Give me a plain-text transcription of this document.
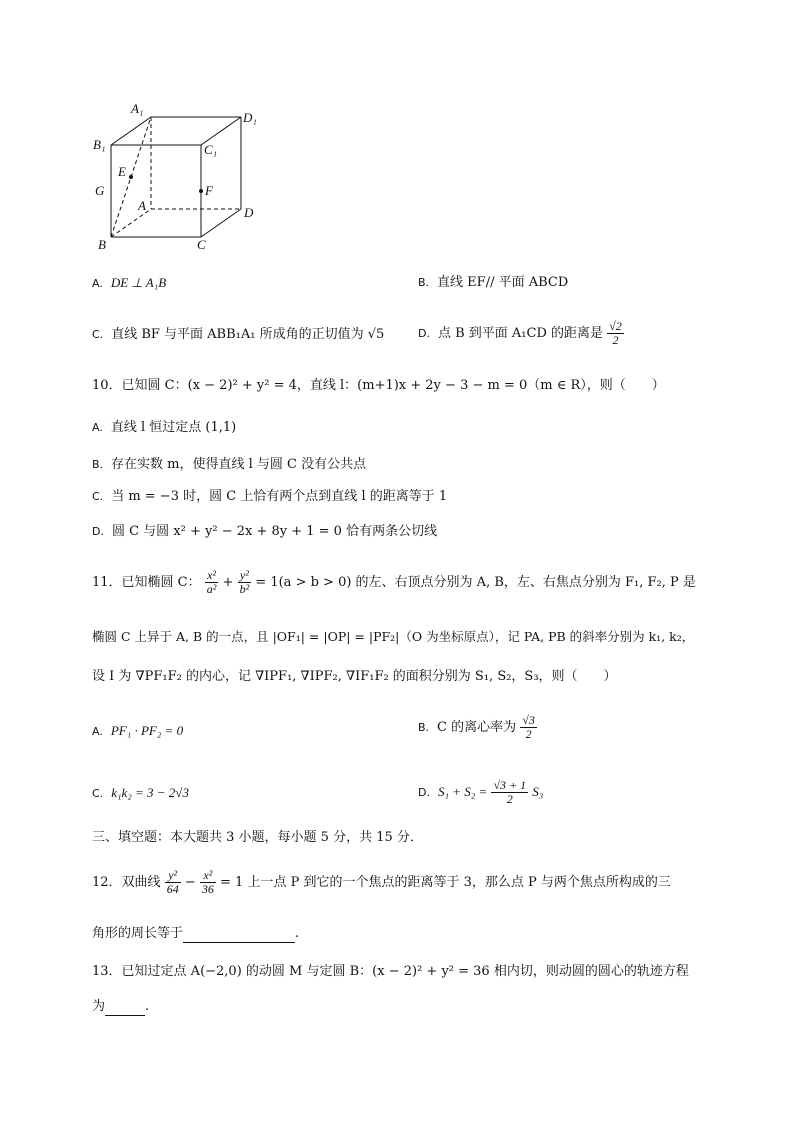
A₁
D₁
B₁	C₁
E
G	F
A	D
B	C
A. DE ⊥ A₁B	B. 直线 EF// 平面 ABCD
C. 直线 BF 与平面 ABB₁A₁ 所成角的正切值为 √5	D. 点 B 到平面 A₁CD 的距离是 $\frac{√2}{2}$
10．已知圆 C：(x − 2)² + y² = 4，直线 l：(m+1)x + 2y − 3 − m = 0（m ∈ R），则（　　）
A. 直线 l 恒过定点 (1,1)
B. 存在实数 m，使得直线 l 与圆 C 没有公共点
C. 当 m = −3 时，圆 C 上恰有两个点到直线 l 的距离等于 1
D. 圆 C 与圆 x² + y² − 2x + 8y + 1 = 0 恰有两条公切线
11．已知椭圆 C： $\frac{\text{x²}}{\text{a²}} + \frac{\text{y²}}{\text{b²}} = 1(a > b > 0)$ 的左、右顶点分别为 A, B，左、右焦点分别为 F₁, F₂, P 是
椭圆 C 上异于 A, B 的一点，且 |OF₁| = |OP| = |PF₂|（O 为坐标原点），记 PA, PB 的斜率分别为 k₁, k₂，
设 I 为 ∇PF₁F₂ 的内心，记 ∇IPF₁, ∇IPF₂, ∇IF₁F₂ 的面积分别为 S₁, S₂，S₃，则（　　）
A. PF₁ · PF₂ = 0	B. C 的离心率为 $\frac{√3}{2}$
C. k₁k₂ = 3 − 2√3	D. $S_1 + S_2 = \frac{√3 + 1}{2} S_3$
三、填空题：本大题共 3 小题，每小题 5 分，共 15 分．
12．双曲线 $\frac{\text{y²}}{64} - \frac{\text{x²}}{36} = 1$ 上一点 P 到它的一个焦点的距离等于 3，那么点 P 与两个焦点所构成的三
角形的周长等于	.
13．已知过定点 A(−2,0) 的动圆 M 与定圆 B：(x − 2)² + y² = 36 相内切，则动圆的圆心的轨迹方程
为	.
